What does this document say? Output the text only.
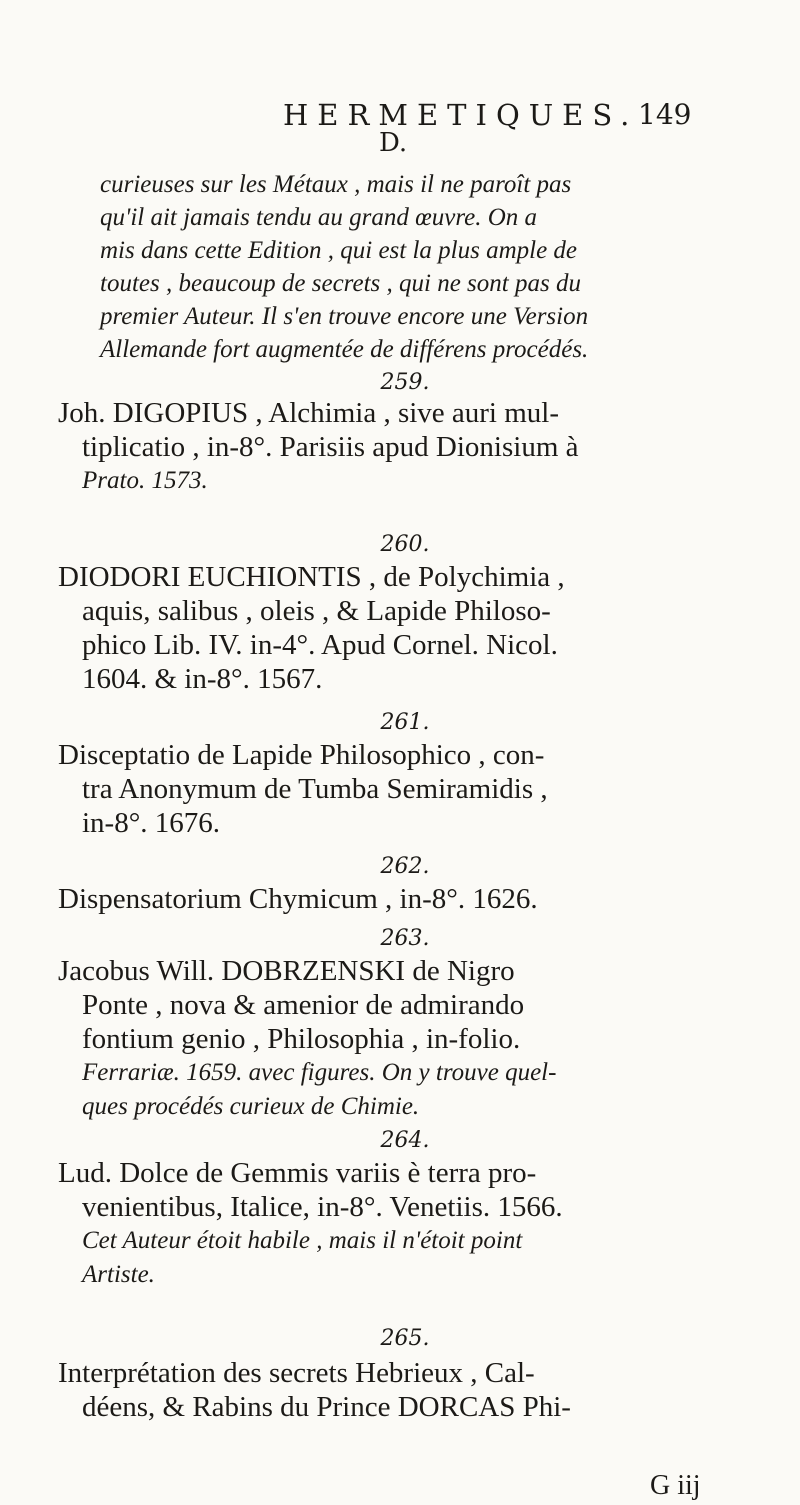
HERMETIQUES. 149
D.
curieuses sur les Métaux , mais il ne paroît pas
qu'il ait jamais tendu au grand œuvre. On a
mis dans cette Edition , qui est la plus ample de
toutes , beaucoup de secrets , qui ne sont pas du
premier Auteur. Il s'en trouve encore une Version
Allemande fort augmentée de différens procédés.
259.
Joh. DIGOPIUS , Alchimia , sive auri mul-
tiplicatio , in-8°. Parisiis apud Dionisium à
Prato. 1573.
260.
DIODORI EUCHIONTIS , de Polychimia ,
aquis, salibus , oleis , & Lapide Philoso-
phico Lib. IV. in-4°. Apud Cornel. Nicol.
1604. & in-8°. 1567.
261.
Disceptatio de Lapide Philosophico , con-
tra Anonymum de Tumba Semiramidis ,
in-8°. 1676.
262.
Dispensatorium Chymicum , in-8°. 1626.
263.
Jacobus Will. DOBRZENSKI de Nigro
Ponte , nova & amenior de admirando
fontium genio , Philosophia , in-folio.
Ferrariæ. 1659. avec figures. On y trouve quel-
ques procédés curieux de Chimie.
264.
Lud. Dolce de Gemmis variis è terra pro-
venientibus, Italice, in-8°. Venetiis. 1566.
Cet Auteur étoit habile , mais il n'étoit point
Artiste.
265.
Interprétation des secrets Hebrieux , Cal-
déens, & Rabins du Prince DORCAS Phi-
G iij
